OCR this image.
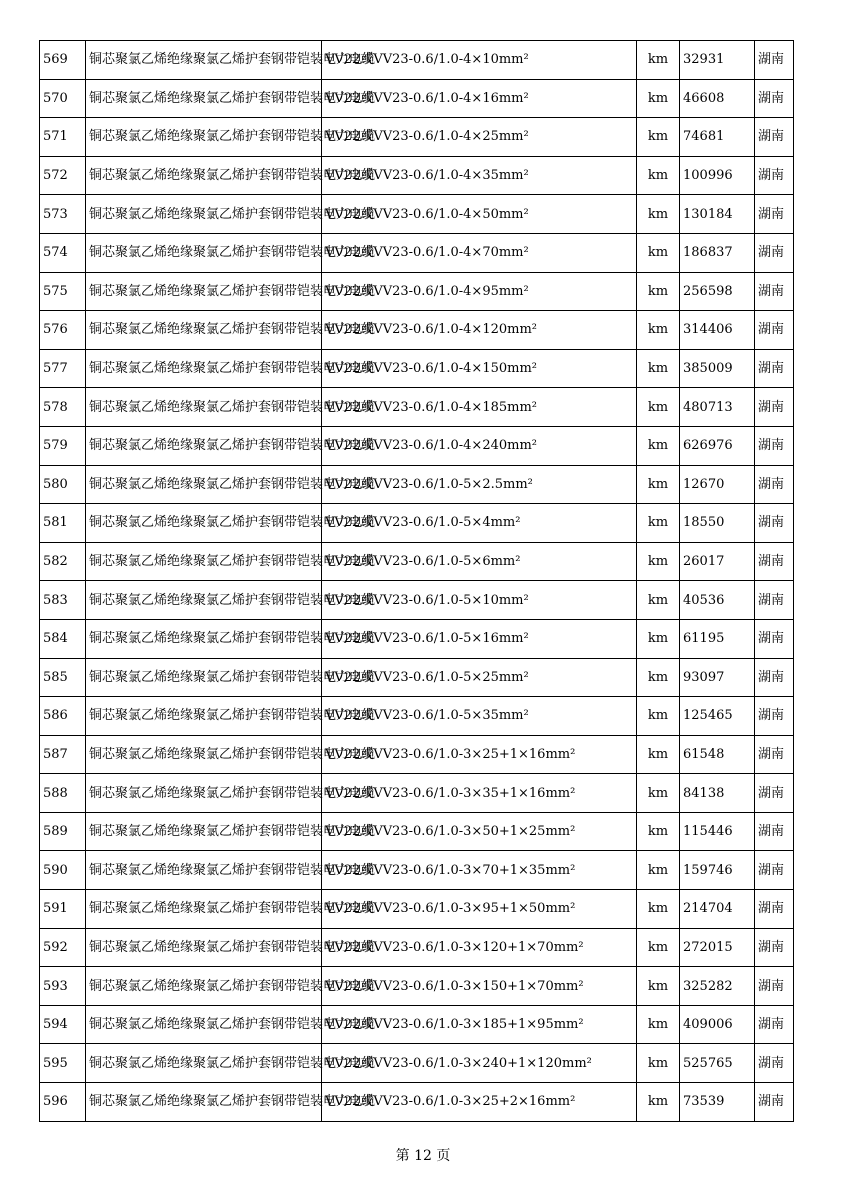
569	铜芯聚氯乙烯绝缘聚氯乙烯护套钢带铠装电力电缆	VV22或VV23-0.6/1.0-4×10mm²	km	32931	湖南
570	铜芯聚氯乙烯绝缘聚氯乙烯护套钢带铠装电力电缆	VV22或VV23-0.6/1.0-4×16mm²	km	46608	湖南
571	铜芯聚氯乙烯绝缘聚氯乙烯护套钢带铠装电力电缆	VV22或VV23-0.6/1.0-4×25mm²	km	74681	湖南
572	铜芯聚氯乙烯绝缘聚氯乙烯护套钢带铠装电力电缆	VV22或VV23-0.6/1.0-4×35mm²	km	100996	湖南
573	铜芯聚氯乙烯绝缘聚氯乙烯护套钢带铠装电力电缆	VV22或VV23-0.6/1.0-4×50mm²	km	130184	湖南
574	铜芯聚氯乙烯绝缘聚氯乙烯护套钢带铠装电力电缆	VV22或VV23-0.6/1.0-4×70mm²	km	186837	湖南
575	铜芯聚氯乙烯绝缘聚氯乙烯护套钢带铠装电力电缆	VV22或VV23-0.6/1.0-4×95mm²	km	256598	湖南
576	铜芯聚氯乙烯绝缘聚氯乙烯护套钢带铠装电力电缆	VV22或VV23-0.6/1.0-4×120mm²	km	314406	湖南
577	铜芯聚氯乙烯绝缘聚氯乙烯护套钢带铠装电力电缆	VV22或VV23-0.6/1.0-4×150mm²	km	385009	湖南
578	铜芯聚氯乙烯绝缘聚氯乙烯护套钢带铠装电力电缆	VV22或VV23-0.6/1.0-4×185mm²	km	480713	湖南
579	铜芯聚氯乙烯绝缘聚氯乙烯护套钢带铠装电力电缆	VV22或VV23-0.6/1.0-4×240mm²	km	626976	湖南
580	铜芯聚氯乙烯绝缘聚氯乙烯护套钢带铠装电力电缆	VV22或VV23-0.6/1.0-5×2.5mm²	km	12670	湖南
581	铜芯聚氯乙烯绝缘聚氯乙烯护套钢带铠装电力电缆	VV22或VV23-0.6/1.0-5×4mm²	km	18550	湖南
582	铜芯聚氯乙烯绝缘聚氯乙烯护套钢带铠装电力电缆	VV22或VV23-0.6/1.0-5×6mm²	km	26017	湖南
583	铜芯聚氯乙烯绝缘聚氯乙烯护套钢带铠装电力电缆	VV22或VV23-0.6/1.0-5×10mm²	km	40536	湖南
584	铜芯聚氯乙烯绝缘聚氯乙烯护套钢带铠装电力电缆	VV22或VV23-0.6/1.0-5×16mm²	km	61195	湖南
585	铜芯聚氯乙烯绝缘聚氯乙烯护套钢带铠装电力电缆	VV22或VV23-0.6/1.0-5×25mm²	km	93097	湖南
586	铜芯聚氯乙烯绝缘聚氯乙烯护套钢带铠装电力电缆	VV22或VV23-0.6/1.0-5×35mm²	km	125465	湖南
587	铜芯聚氯乙烯绝缘聚氯乙烯护套钢带铠装电力电缆	VV22或VV23-0.6/1.0-3×25+1×16mm²	km	61548	湖南
588	铜芯聚氯乙烯绝缘聚氯乙烯护套钢带铠装电力电缆	VV22或VV23-0.6/1.0-3×35+1×16mm²	km	84138	湖南
589	铜芯聚氯乙烯绝缘聚氯乙烯护套钢带铠装电力电缆	VV22或VV23-0.6/1.0-3×50+1×25mm²	km	115446	湖南
590	铜芯聚氯乙烯绝缘聚氯乙烯护套钢带铠装电力电缆	VV22或VV23-0.6/1.0-3×70+1×35mm²	km	159746	湖南
591	铜芯聚氯乙烯绝缘聚氯乙烯护套钢带铠装电力电缆	VV22或VV23-0.6/1.0-3×95+1×50mm²	km	214704	湖南
592	铜芯聚氯乙烯绝缘聚氯乙烯护套钢带铠装电力电缆	VV22或VV23-0.6/1.0-3×120+1×70mm²	km	272015	湖南
593	铜芯聚氯乙烯绝缘聚氯乙烯护套钢带铠装电力电缆	VV22或VV23-0.6/1.0-3×150+1×70mm²	km	325282	湖南
594	铜芯聚氯乙烯绝缘聚氯乙烯护套钢带铠装电力电缆	VV22或VV23-0.6/1.0-3×185+1×95mm²	km	409006	湖南
595	铜芯聚氯乙烯绝缘聚氯乙烯护套钢带铠装电力电缆	VV22或VV23-0.6/1.0-3×240+1×120mm²	km	525765	湖南
596	铜芯聚氯乙烯绝缘聚氯乙烯护套钢带铠装电力电缆	VV22或VV23-0.6/1.0-3×25+2×16mm²	km	73539	湖南
第 12 页
